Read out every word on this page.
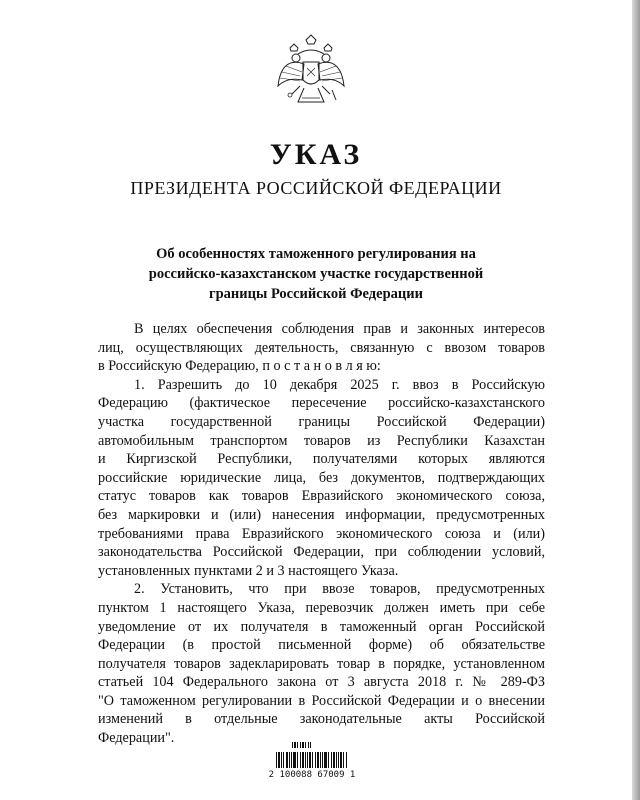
УКАЗ
ПРЕЗИДЕНТА РОССИЙСКОЙ ФЕДЕРАЦИИ
Об особенностях таможенного регулирования на
российско-казахстанском участке государственной
границы Российской Федерации
В целях обеспечения соблюдения прав и законных интересов
лиц, осуществляющих деятельность, связанную с ввозом товаров
в Российскую Федерацию, п о с т а н о в л я ю:
1. Разрешить до 10 декабря 2025 г. ввоз в Российскую
Федерацию (фактическое пересечение российско-казахстанского
участка государственной границы Российской Федерации)
автомобильным транспортом товаров из Республики Казахстан
и Киргизской Республики, получателями которых являются
российские юридические лица, без документов, подтверждающих
статус товаров как товаров Евразийского экономического союза,
без маркировки и (или) нанесения информации, предусмотренных
требованиями права Евразийского экономического союза и (или)
законодательства Российской Федерации, при соблюдении условий,
установленных пунктами 2 и 3 настоящего Указа.
2. Установить, что при ввозе товаров, предусмотренных
пунктом 1 настоящего Указа, перевозчик должен иметь при себе
уведомление от их получателя в таможенный орган Российской
Федерации (в простой письменной форме) об обязательстве
получателя товаров задекларировать товар в порядке, установленном
статьей 104 Федерального закона от 3 августа 2018 г. № 289-ФЗ
"О таможенном регулировании в Российской Федерации и о внесении
изменений в отдельные законодательные акты Российской
Федерации".
2 100088 67009 1
